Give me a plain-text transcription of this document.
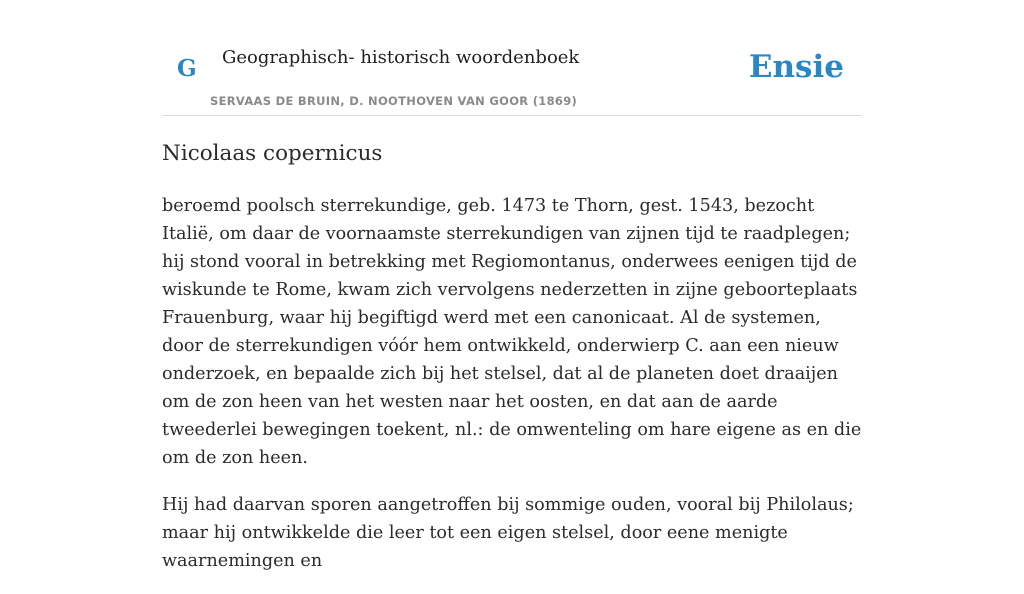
G Geographisch- historisch woordenboek
SERVAAS DE BRUIN, D. NOOTHOVEN VAN GOOR (1869)
Ensie
Nicolaas copernicus

beroemd poolsch sterrekundige, geb. 1473 te Thorn, gest. 1543, bezocht Italië, om daar de voornaamste sterrekundigen van zijnen tijd te raadplegen; hij stond vooral in betrekking met Regiomontanus, onderwees eenigen tijd de wiskunde te Rome, kwam zich vervolgens nederzetten in zijne geboorteplaats Frauenburg, waar hij begiftigd werd met een canonicaat. Al de systemen, door de sterrekundigen vóór hem ontwikkeld, onderwierp C. aan een nieuw onderzoek, en bepaalde zich bij het stelsel, dat al de planeten doet draaijen om de zon heen van het westen naar het oosten, en dat aan de aarde tweederlei bewegingen toekent, nl.: de omwenteling om hare eigene as en die om de zon heen.

Hij had daarvan sporen aangetroffen bij sommige ouden, vooral bij Philolaus; maar hij ontwikkelde die leer tot een eigen stelsel, door eene menigte waarnemingen en
